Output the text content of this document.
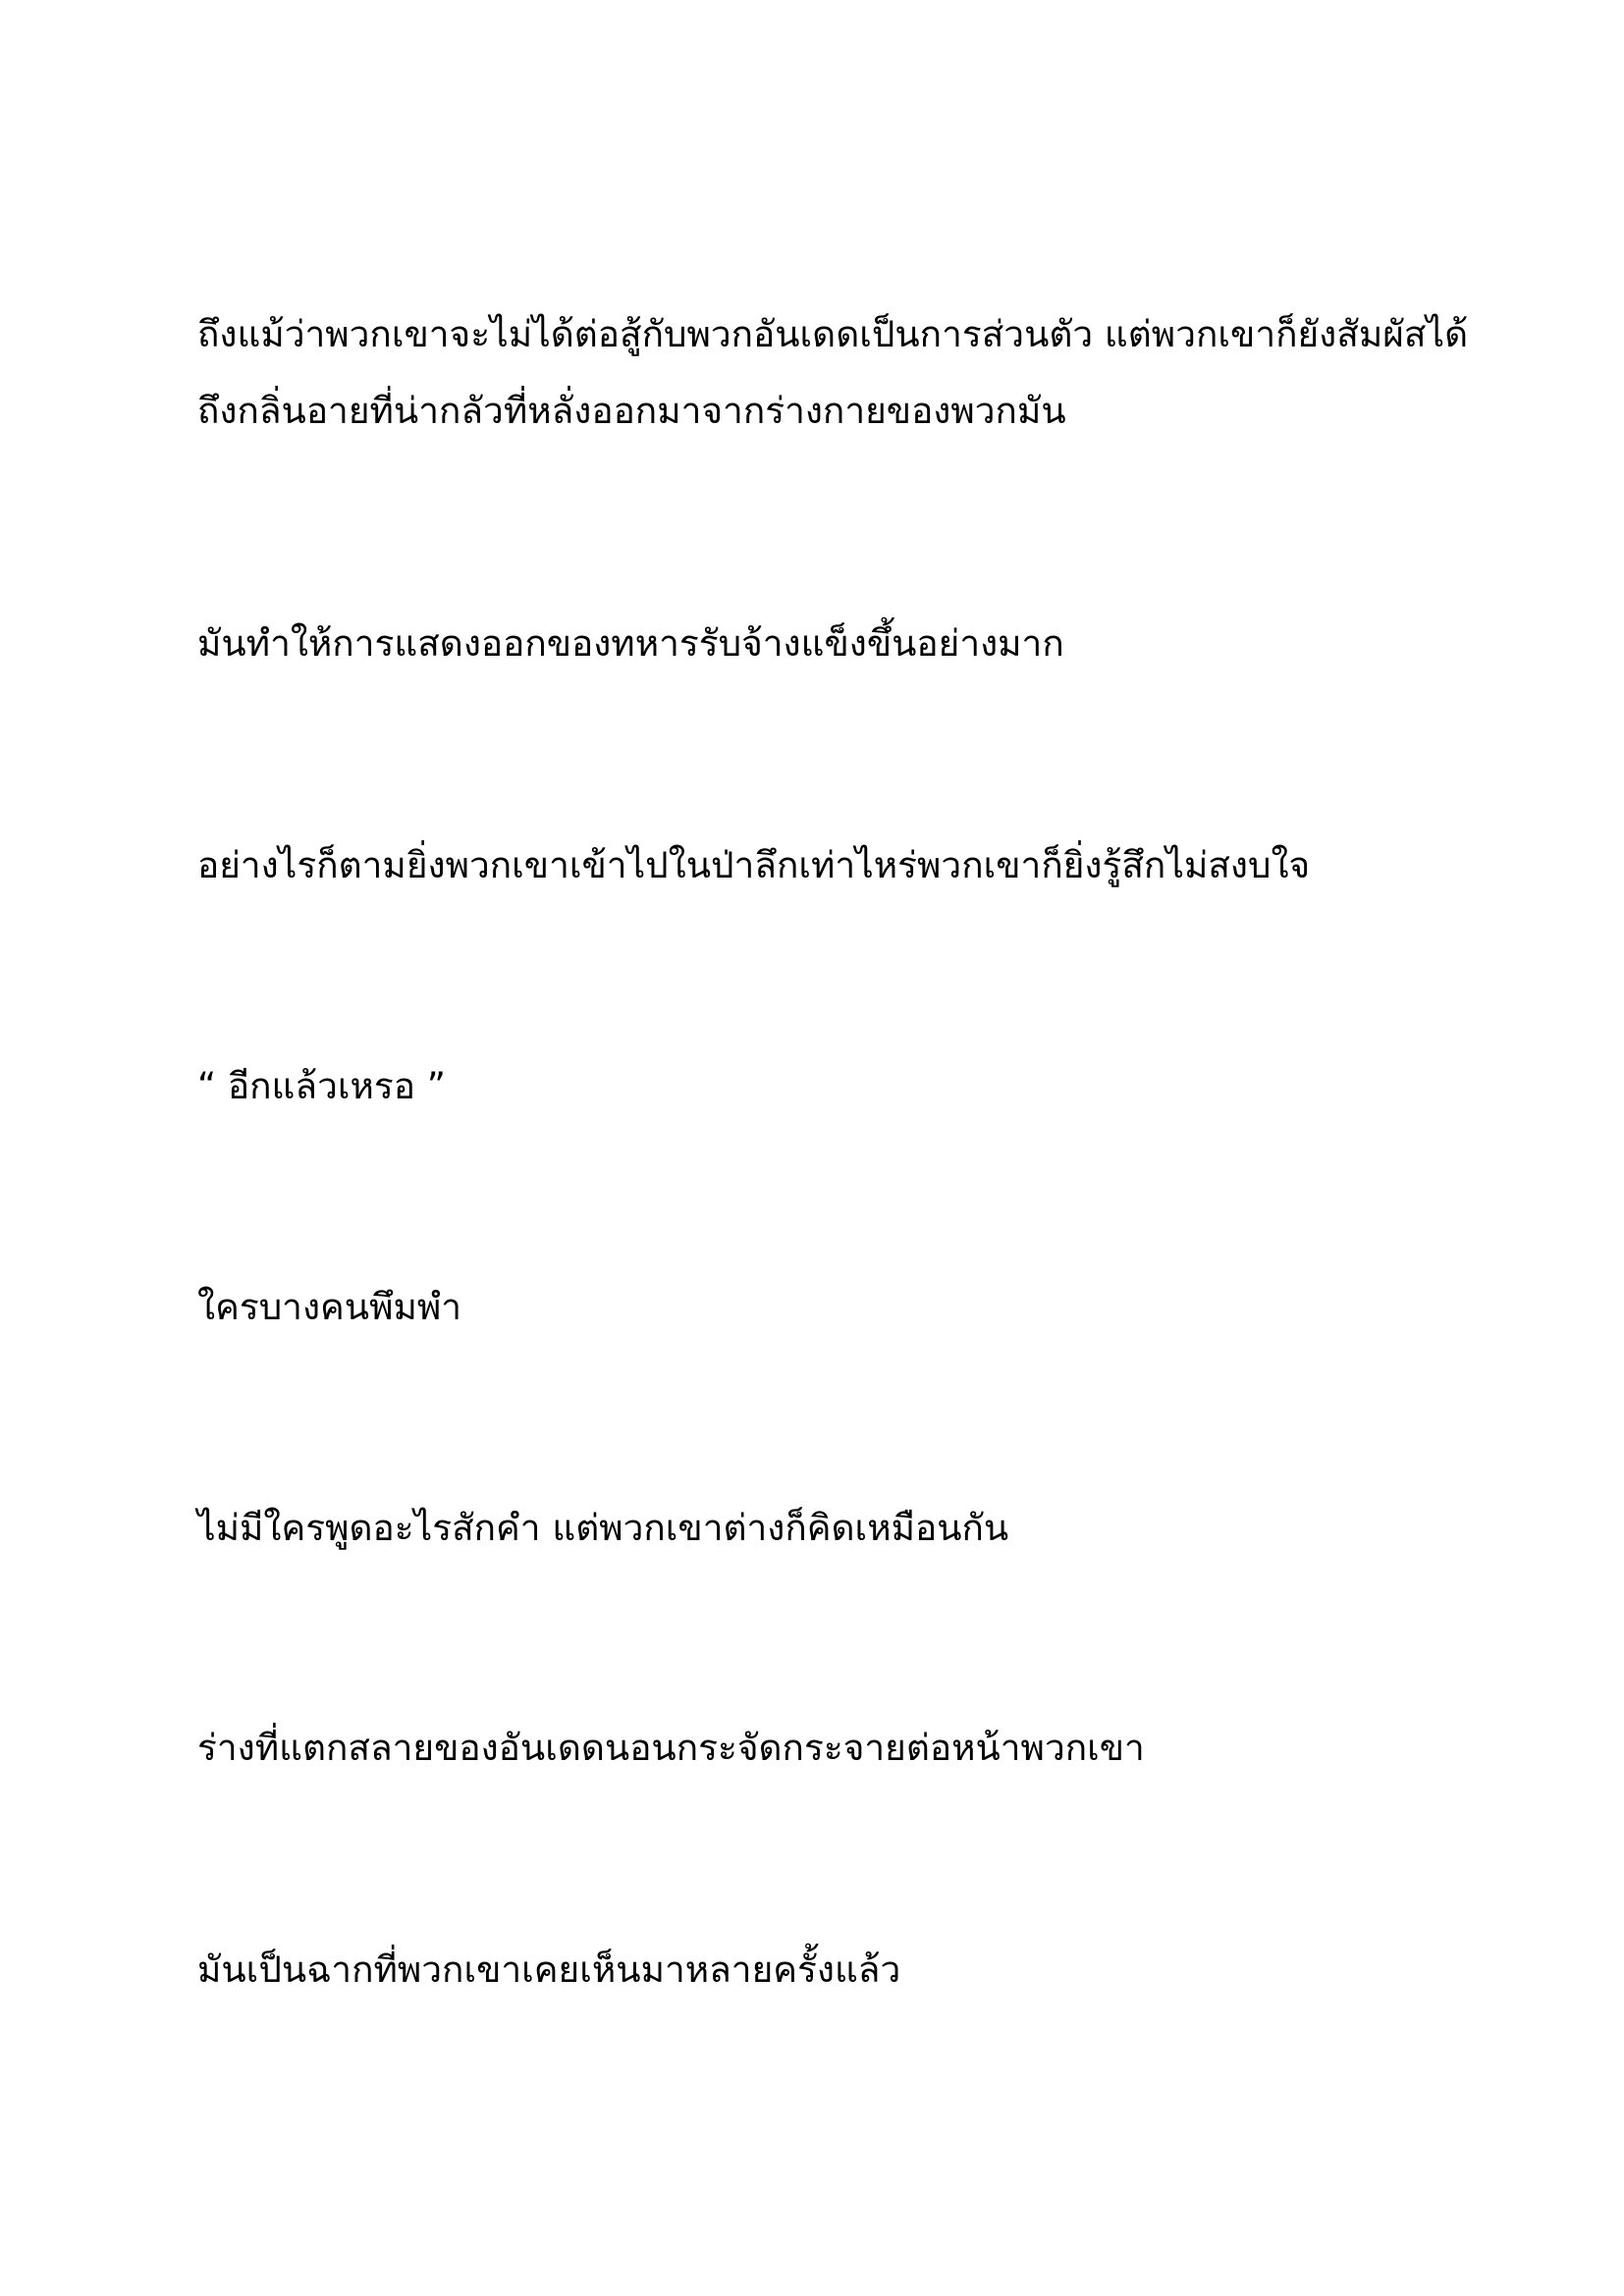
ถึงแม้ว่าพวกเขาจะไม่ได้ต่อสู้กับพวกอันเดดเป็นการส่วนตัว แต่พวกเขาก็ยังสัมผัสได้
ถึงกลิ่นอายที่น่ากลัวที่หลั่งออกมาจากร่างกายของพวกมัน

มันทำให้การแสดงออกของทหารรับจ้างแข็งขึ้นอย่างมาก

อย่างไรก็ตามยิ่งพวกเขาเข้าไปในป่าลึกเท่าไหร่พวกเขาก็ยิ่งรู้สึกไม่สงบใจ

“ อีกแล้วเหรอ ”

ใครบางคนพึมพำ

ไม่มีใครพูดอะไรสักคำ แต่พวกเขาต่างก็คิดเหมือนกัน

ร่างที่แตกสลายของอันเดดนอนกระจัดกระจายต่อหน้าพวกเขา

มันเป็นฉากที่พวกเขาเคยเห็นมาหลายครั้งแล้ว
